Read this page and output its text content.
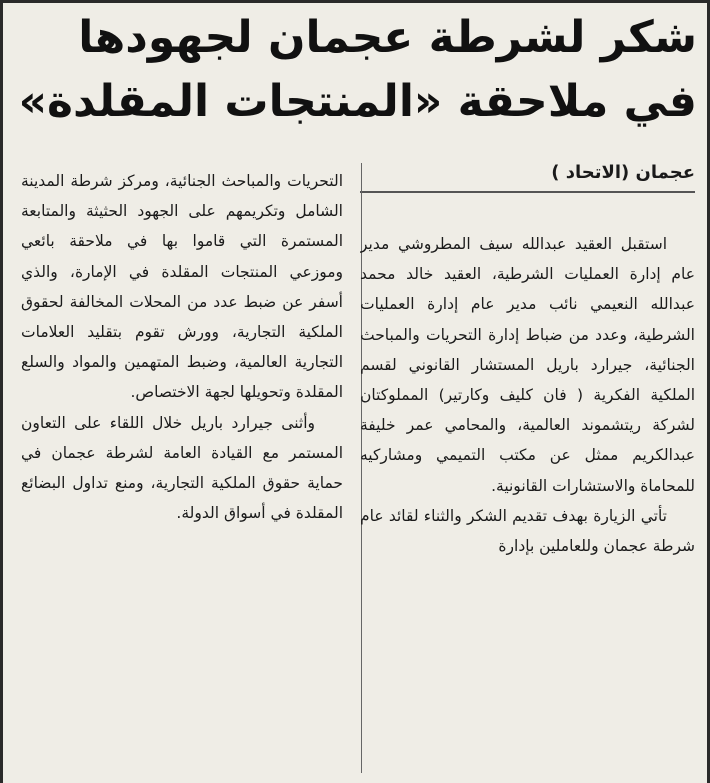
شكر لشرطة عجمان لجهودها
في ملاحقة «المنتجات المقلدة»
عجمان (الاتحاد )

استقبل العقيد عبدالله سيف المطروشي مدير عام إدارة العمليات الشرطية، العقيد خالد محمد عبدالله النعيمي نائب مدير عام إدارة العمليات الشرطية، وعدد من ضباط إدارة التحريات والمباحث الجنائية، جيرارد باريل المستشار القانوني لقسم الملكية الفكرية ( فان كليف وكارتير) المملوكتان لشركة ريتشموند العالمية، والمحامي عمر خليفة عبدالكريم ممثل عن مكتب التميمي ومشاركيه للمحاماة والاستشارات القانونية.

تأتي الزيارة بهدف تقديم الشكر والثناء لقائد عام شرطة عجمان وللعاملين بإدارة

التحريات والمباحث الجنائية، ومركز شرطة المدينة الشامل وتكريمهم على الجهود الحثيثة والمتابعة المستمرة التي قاموا بها في ملاحقة بائعي وموزعي المنتجات المقلدة في الإمارة، والذي أسفر عن ضبط عدد من المحلات المخالفة لحقوق الملكية التجارية، وورش تقوم بتقليد العلامات التجارية العالمية، وضبط المتهمين والمواد والسلع المقلدة وتحويلها لجهة الاختصاص.

وأثنى جيرارد باريل خلال اللقاء على التعاون المستمر مع القيادة العامة لشرطة عجمان في حماية حقوق الملكية التجارية، ومنع تداول البضائع المقلدة في أسواق الدولة.
